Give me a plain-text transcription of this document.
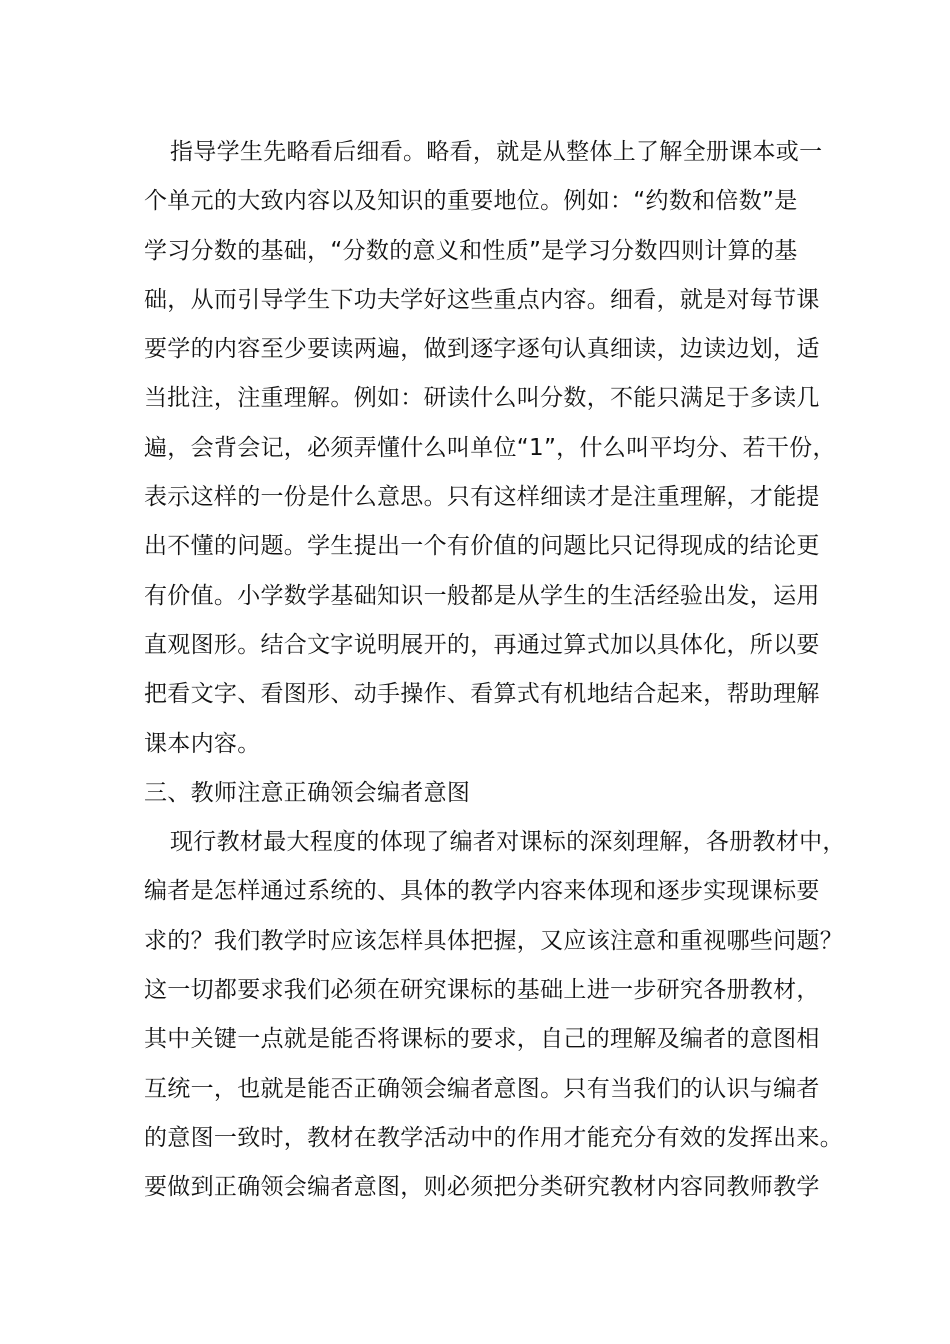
指导学生先略看后细看。略看，就是从整体上了解全册课本或一
个单元的大致内容以及知识的重要地位。例如：“约数和倍数”是
学习分数的基础，“分数的意义和性质”是学习分数四则计算的基
础，从而引导学生下功夫学好这些重点内容。细看，就是对每节课
要学的内容至少要读两遍，做到逐字逐句认真细读，边读边划，适
当批注，注重理解。例如：研读什么叫分数，不能只满足于多读几
遍，会背会记，必须弄懂什么叫单位“1”，什么叫平均分、若干份，
表示这样的一份是什么意思。只有这样细读才是注重理解，才能提
出不懂的问题。学生提出一个有价值的问题比只记得现成的结论更
有价值。小学数学基础知识一般都是从学生的生活经验出发，运用
直观图形。结合文字说明展开的，再通过算式加以具体化，所以要
把看文字、看图形、动手操作、看算式有机地结合起来，帮助理解
课本内容。
三、教师注意正确领会编者意图
现行教材最大程度的体现了编者对课标的深刻理解，各册教材中，
编者是怎样通过系统的、具体的教学内容来体现和逐步实现课标要
求的？我们教学时应该怎样具体把握，又应该注意和重视哪些问题？
这一切都要求我们必须在研究课标的基础上进一步研究各册教材，
其中关键一点就是能否将课标的要求，自己的理解及编者的意图相
互统一，也就是能否正确领会编者意图。只有当我们的认识与编者
的意图一致时，教材在教学活动中的作用才能充分有效的发挥出来。
要做到正确领会编者意图，则必须把分类研究教材内容同教师教学
